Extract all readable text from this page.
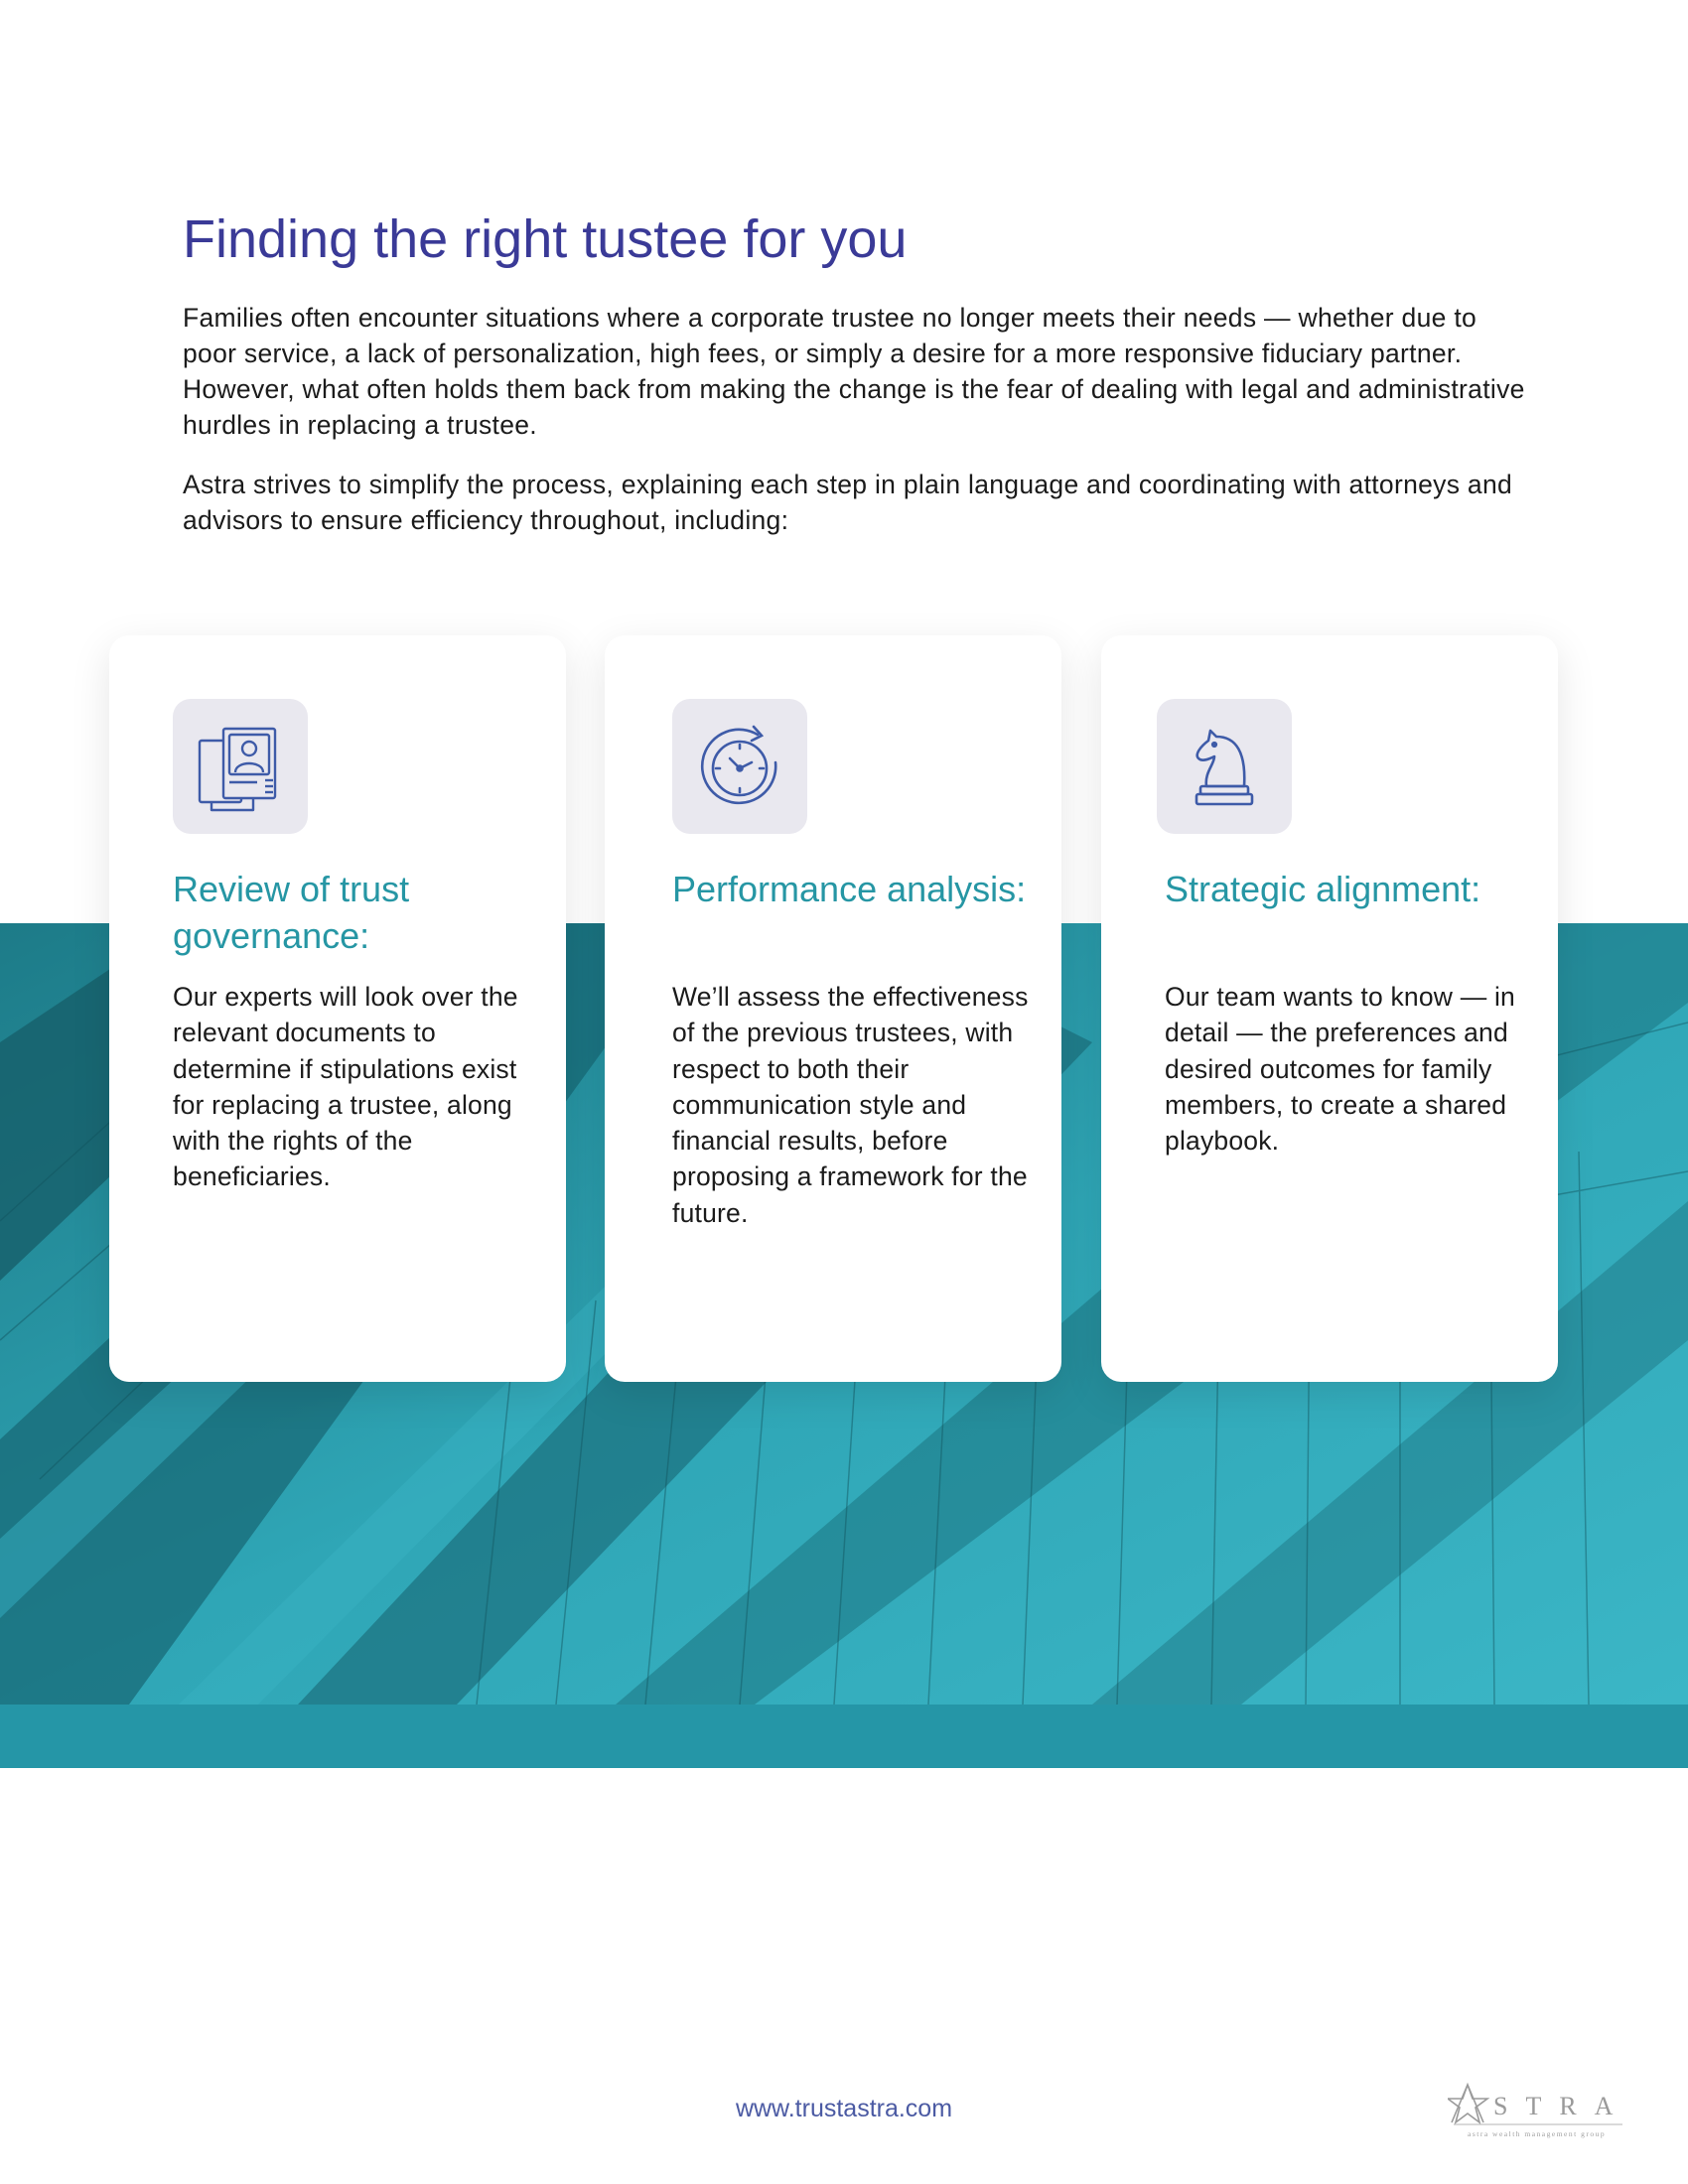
Finding the right tustee for you

Families often encounter situations where a corporate trustee no longer meets their needs — whether due to poor service, a lack of personalization, high fees, or simply a desire for a more responsive fiduciary partner. However, what often holds them back from making the change is the fear of dealing with legal and administrative hurdles in replacing a trustee.

Astra strives to simplify the process, explaining each step in plain language and coordinating with attorneys and advisors to ensure efficiency throughout, including:

Review of trust governance:

Our experts will look over the relevant documents to determine if stipulations exist for replacing a trustee, along with the rights of the beneficiaries.

Performance analysis:

We’ll assess the effectiveness of the previous trustees, with respect to both their communication style and financial results, before proposing a framework for the future.

Strategic alignment:

Our team wants to know — in detail — the preferences and desired outcomes for family members, to create a shared playbook.

www.trustastra.com	STRA
astra wealth management group
